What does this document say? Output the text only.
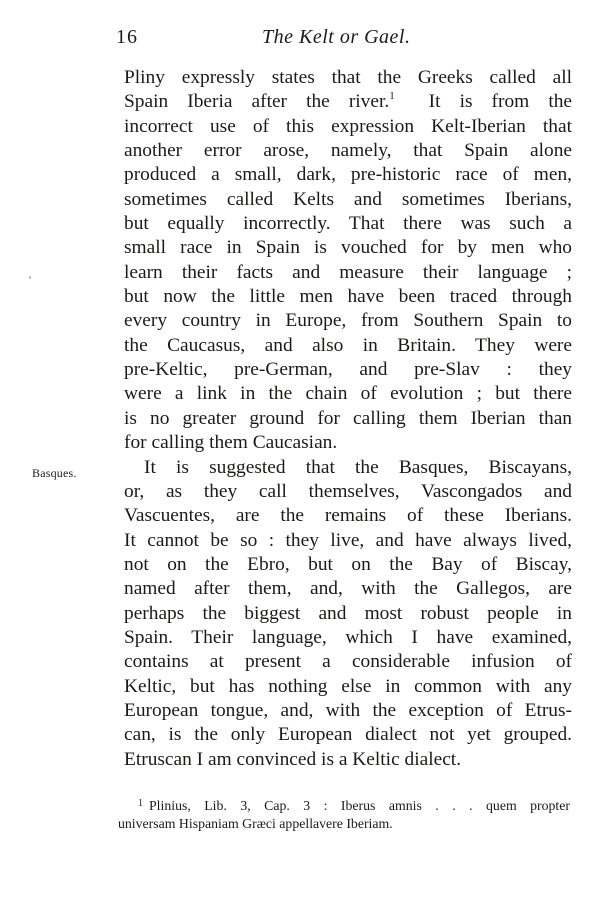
16	The Kelt or Gael.
Basques.
Pliny expressly states that the Greeks called all
Spain Iberia after the river.$^1$    It is from the
incorrect use of this expression Kelt-Iberian that
another error arose, namely, that Spain alone
produced a small, dark, pre-historic race of men,
sometimes called Kelts and sometimes Iberians,
but equally incorrectly. That there was such a
small race in Spain is vouched for by men who
learn their facts and measure their language ;
but now the little men have been traced through
every country in Europe, from Southern Spain to
the Caucasus, and also in Britain. They were
pre-Keltic, pre-German, and pre-Slav : they
were a link in the chain of evolution ; but there
is no greater ground for calling them Iberian than
for calling them Caucasian.
It is suggested that the Basques, Biscayans,
or, as they call themselves, Vascongados and
Vascuentes, are the remains of these Iberians.
It cannot be so : they live, and have always lived,
not on the Ebro, but on the Bay of Biscay,
named after them, and, with the Gallegos, are
perhaps the biggest and most robust people in
Spain. Their language, which I have examined,
contains at present a considerable infusion of
Keltic, but has nothing else in common with any
European tongue, and, with the exception of Etrus-
can, is the only European dialect not yet grouped.
Etruscan I am convinced is a Keltic dialect.
$^1$ Plinius, Lib. 3, Cap. 3 : Iberus amnis . . . quem propter
universam Hispaniam Græci appellavere Iberiam.
